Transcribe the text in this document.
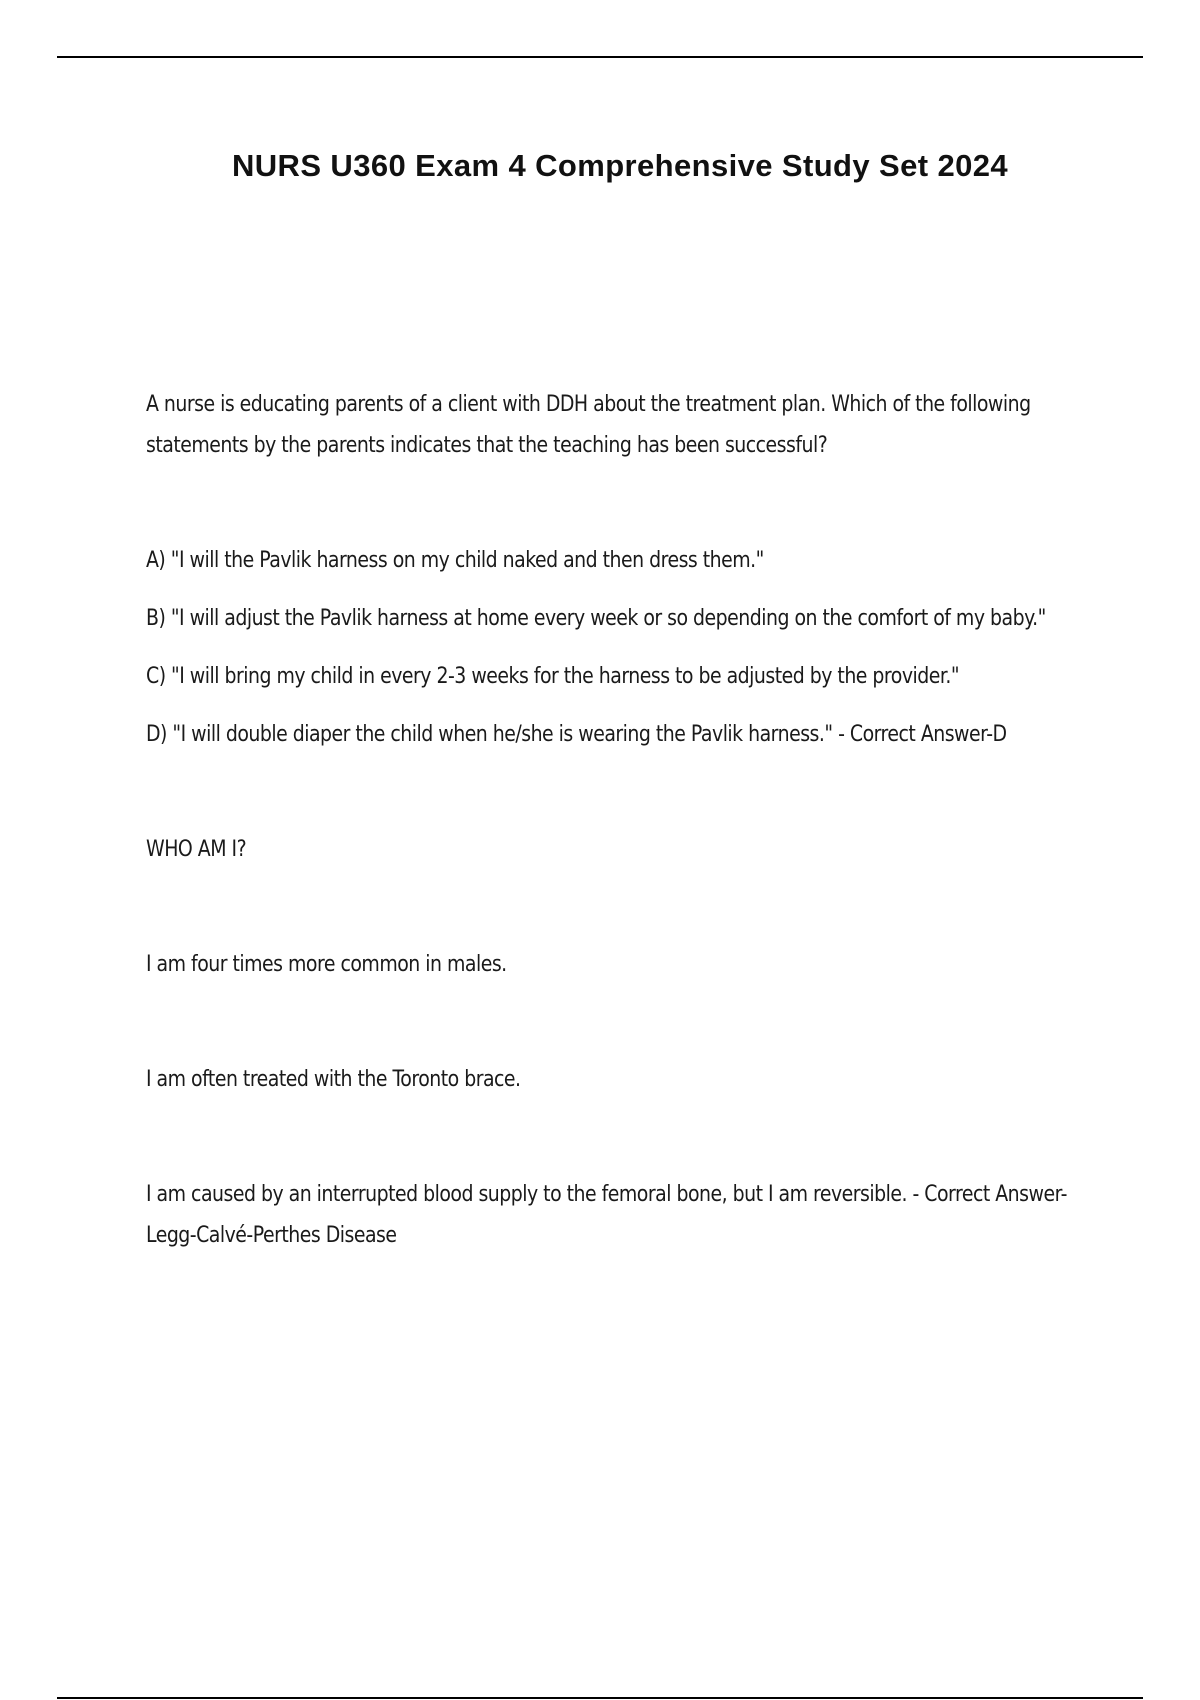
NURS U360 Exam 4 Comprehensive Study Set 2024

A nurse is educating parents of a client with DDH about the treatment plan. Which of the following statements by the parents indicates that the teaching has been successful?

A) "I will the Pavlik harness on my child naked and then dress them."

B) "I will adjust the Pavlik harness at home every week or so depending on the comfort of my baby."

C) "I will bring my child in every 2-3 weeks for the harness to be adjusted by the provider."

D) "I will double diaper the child when he/she is wearing the Pavlik harness." - Correct Answer-D

WHO AM I?

I am four times more common in males.

I am often treated with the Toronto brace.

I am caused by an interrupted blood supply to the femoral bone, but I am reversible. - Correct Answer-Legg-Calvé-Perthes Disease
